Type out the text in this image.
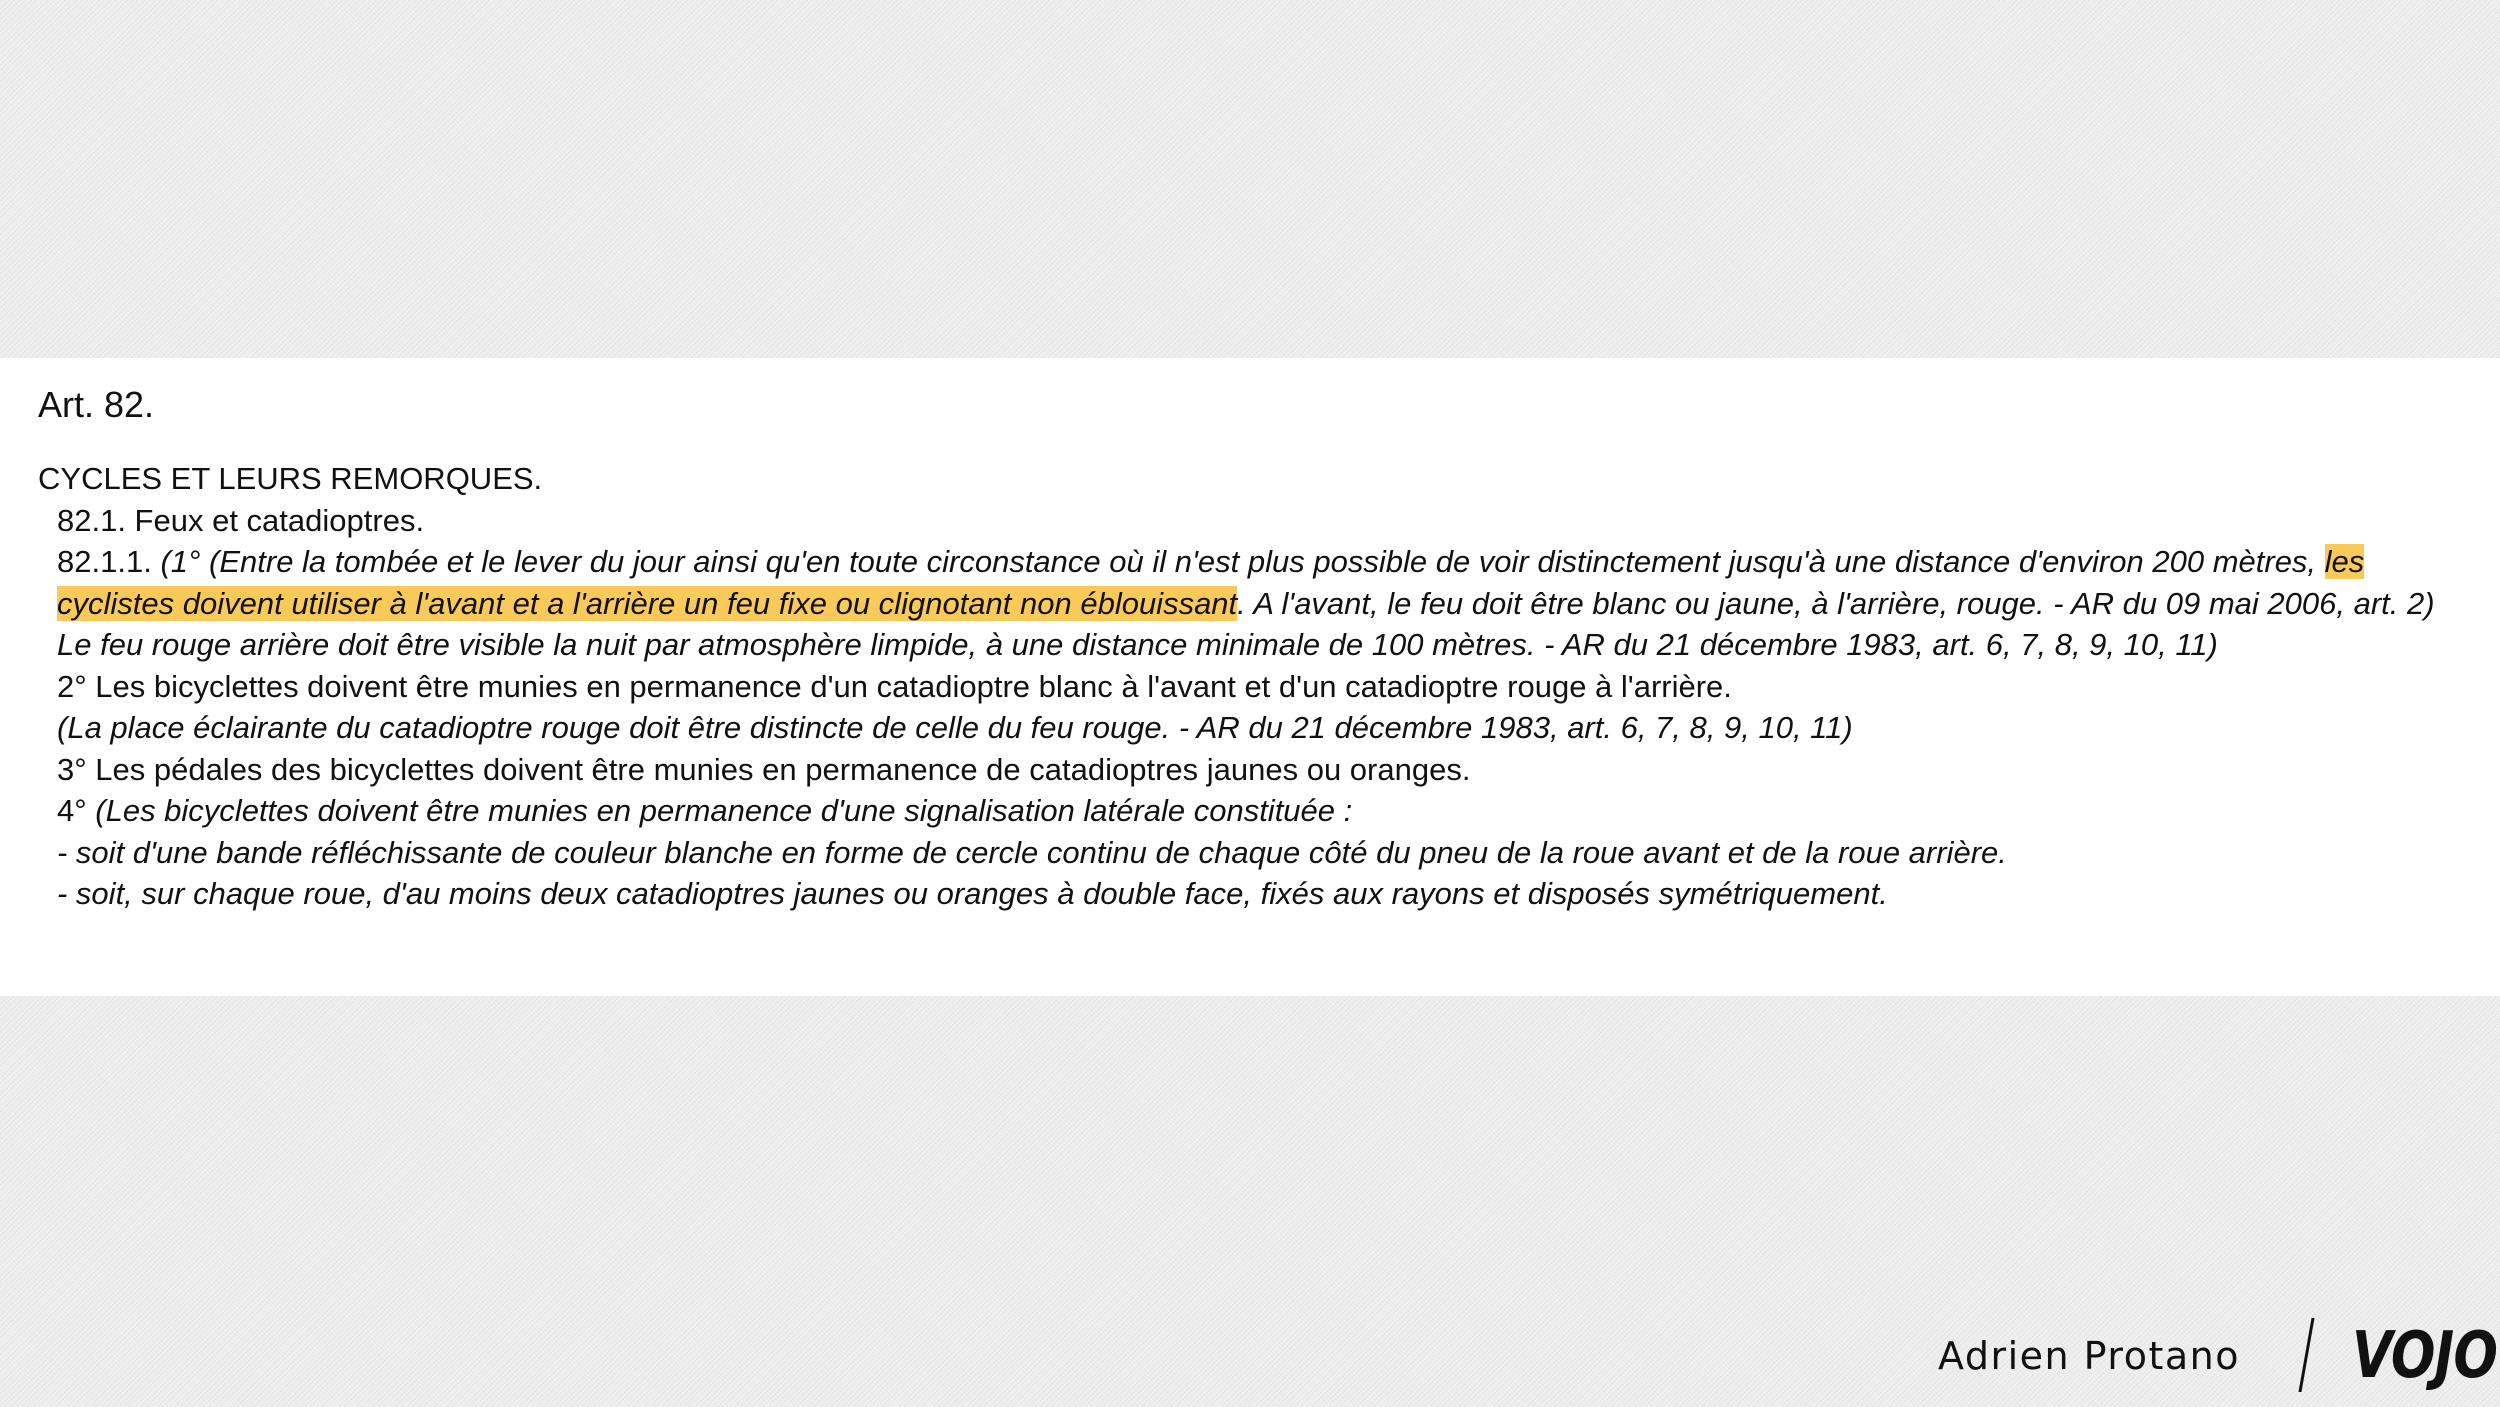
Art. 82.

CYCLES ET LEURS REMORQUES.

82.1. Feux et catadioptres.

82.1.1. (1° (Entre la tombée et le lever du jour ainsi qu'en toute circonstance où il n'est plus possible de voir distinctement jusqu'à une distance d'environ 200 mètres, les cyclistes doivent utiliser à l'avant et a l'arrière un feu fixe ou clignotant non éblouissant. A l'avant, le feu doit être blanc ou jaune, à l'arrière, rouge. - AR du 09 mai 2006, art. 2)

Le feu rouge arrière doit être visible la nuit par atmosphère limpide, à une distance minimale de 100 mètres. - AR du 21 décembre 1983, art. 6, 7, 8, 9, 10, 11)

2° Les bicyclettes doivent être munies en permanence d'un catadioptre blanc à l'avant et d'un catadioptre rouge à l'arrière.

(La place éclairante du catadioptre rouge doit être distincte de celle du feu rouge. - AR du 21 décembre 1983, art. 6, 7, 8, 9, 10, 11)

3° Les pédales des bicyclettes doivent être munies en permanence de catadioptres jaunes ou oranges.

4° (Les bicyclettes doivent être munies en permanence d'une signalisation latérale constituée :

- soit d'une bande réfléchissante de couleur blanche en forme de cercle continu de chaque côté du pneu de la roue avant et de la roue arrière.

- soit, sur chaque roue, d'au moins deux catadioptres jaunes ou oranges à double face, fixés aux rayons et disposés symétriquement.

Adrien Protano VOJO
